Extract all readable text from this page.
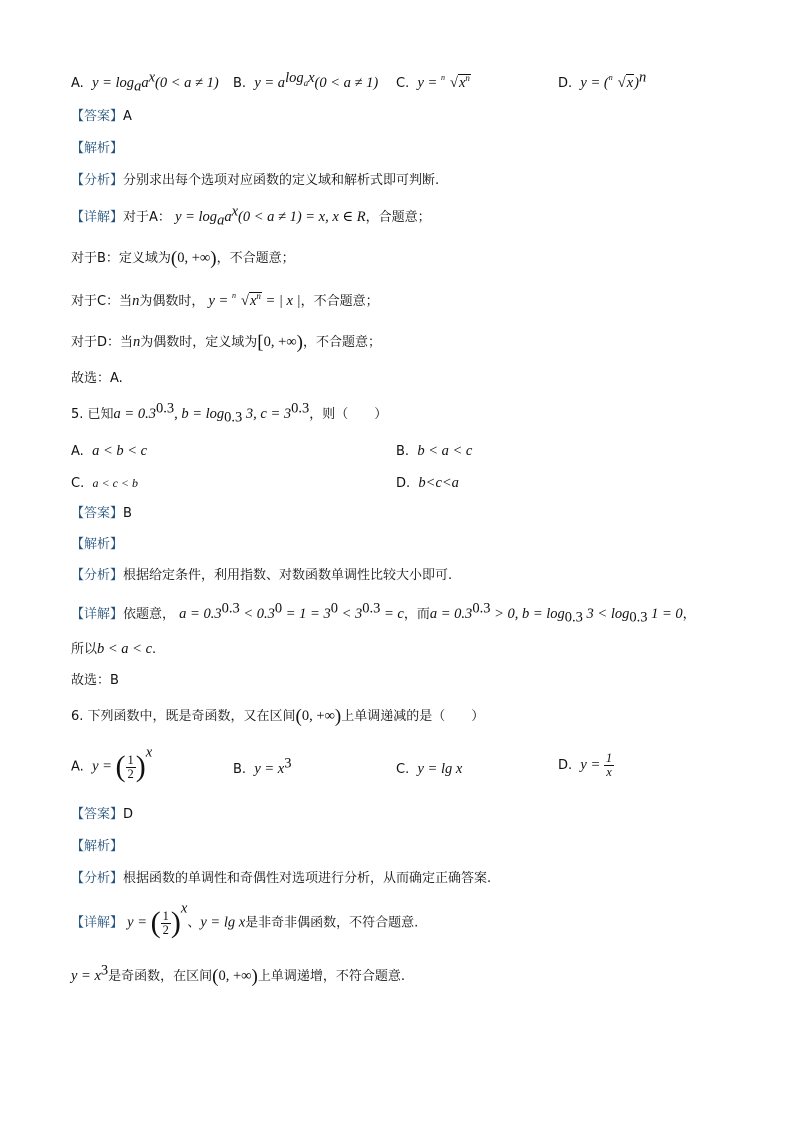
A. $y = \log_aa^x(0 < a \ne 1)$ B. $y = a^{log_ax}(0 < a \ne 1)$ C. y = n $√x^n$	D. y = ( n √x)$^n$
【答案】A
【解析】
【分析】分别求出每个选项对应函数的定义域和解析式即可判断.
【详解】对于A： $y = \log_aa^x(0 < a \ne 1) = x$, x ∈ R，合题意；
对于B：定义域为(0, +∞)，不合题意；
对于C：当n为偶数时， y = n $√x^n$ = | x |，不合题意；
对于D：当n为偶数时，定义域为[0, +∞)，不合题意；
故选：A.
5. 已知$a = 0.3^{0.3}$, $b = \log_{0.3} 3$, $c = 3^{0.3}$，则（　　）
A. a < b < c	B. b < a < c
C. a < c < b	D. b<c<a
【答案】B
【解析】
【分析】根据给定条件，利用指数、对数函数单调性比较大小即可.
【详解】依题意， $a = 0.3^{0.3} < 0.3^0 = 1 = 3^0 < 3^{0.3} = c$，而$a = 0.3^{0.3} > 0$, $b = \log_{0.3} 3 < \log_{0.3} 1 = 0$，
所以b < a < c.
故选：B
6. 下列函数中，既是奇函数，又在区间(0, +∞)上单调递减的是（　　）
A. y = ( $\frac{1}{2} )^x$
B. $y = x^3$	C. y = lg x	D. $y = \frac{1}{x}$
【答案】D
【解析】
【分析】根据函数的单调性和奇偶性对选项进行分析，从而确定正确答案.
【详解】 y = ( $\frac{1}{2} )^x$、y = lg x是非奇非偶函数，不符合题意.
$y = x^3$是奇函数，在区间(0, +∞)上单调递增，不符合题意.
